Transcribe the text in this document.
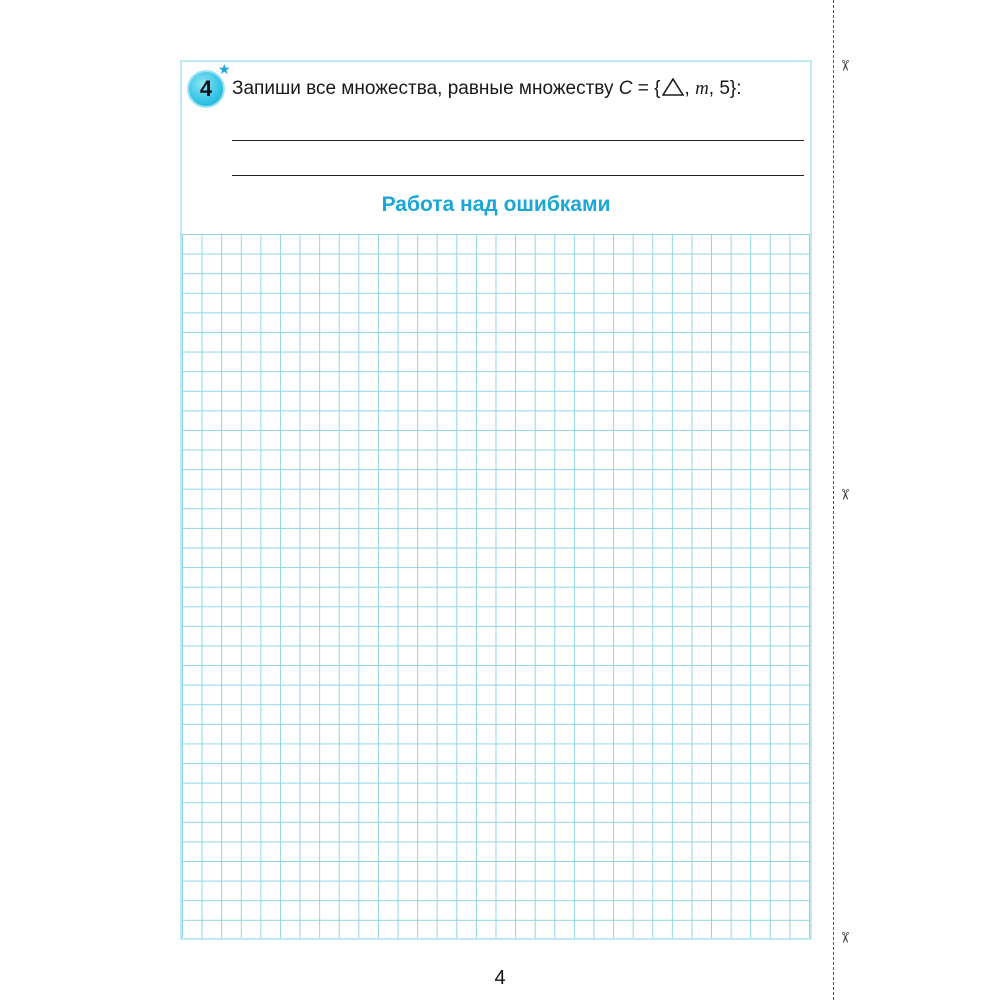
4
★
Запиши все множества, равные множеству C = { , m, 5}:
Работа над ошибками
✂
✂
✂
4
